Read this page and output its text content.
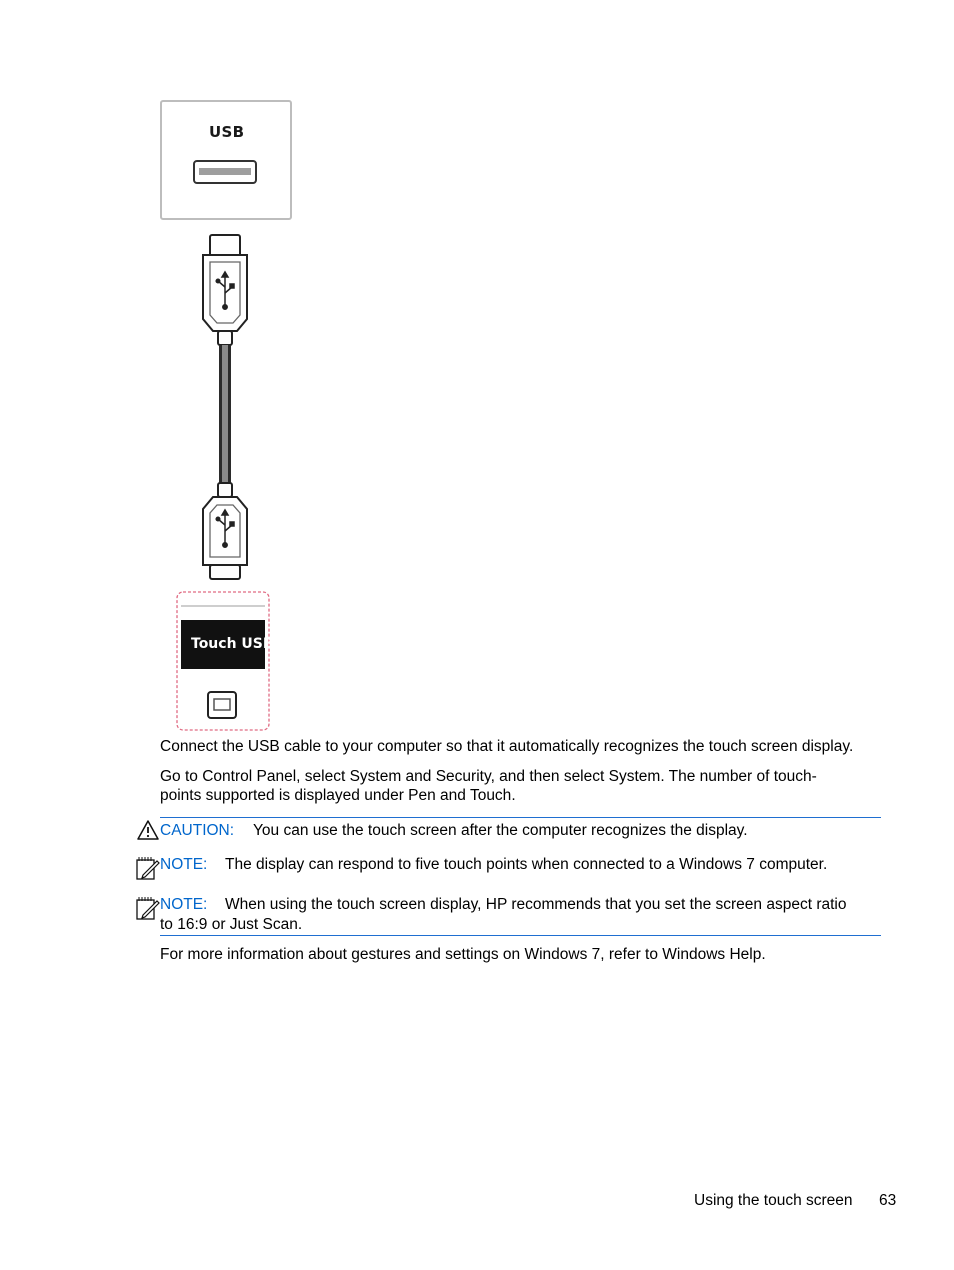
USB
Touch USB
Connect the USB cable to your computer so that it automatically recognizes the touch screen display.
Go to Control Panel, select System and Security, and then select System. The number of touch-
points supported is displayed under Pen and Touch.
CAUTION: You can use the touch screen after the computer recognizes the display.
NOTE: The display can respond to five touch points when connected to a Windows 7 computer.
NOTE: When using the touch screen display, HP recommends that you set the screen aspect ratio
to 16:9 or Just Scan.
For more information about gestures and settings on Windows 7, refer to Windows Help.
Using the touch screen 63
